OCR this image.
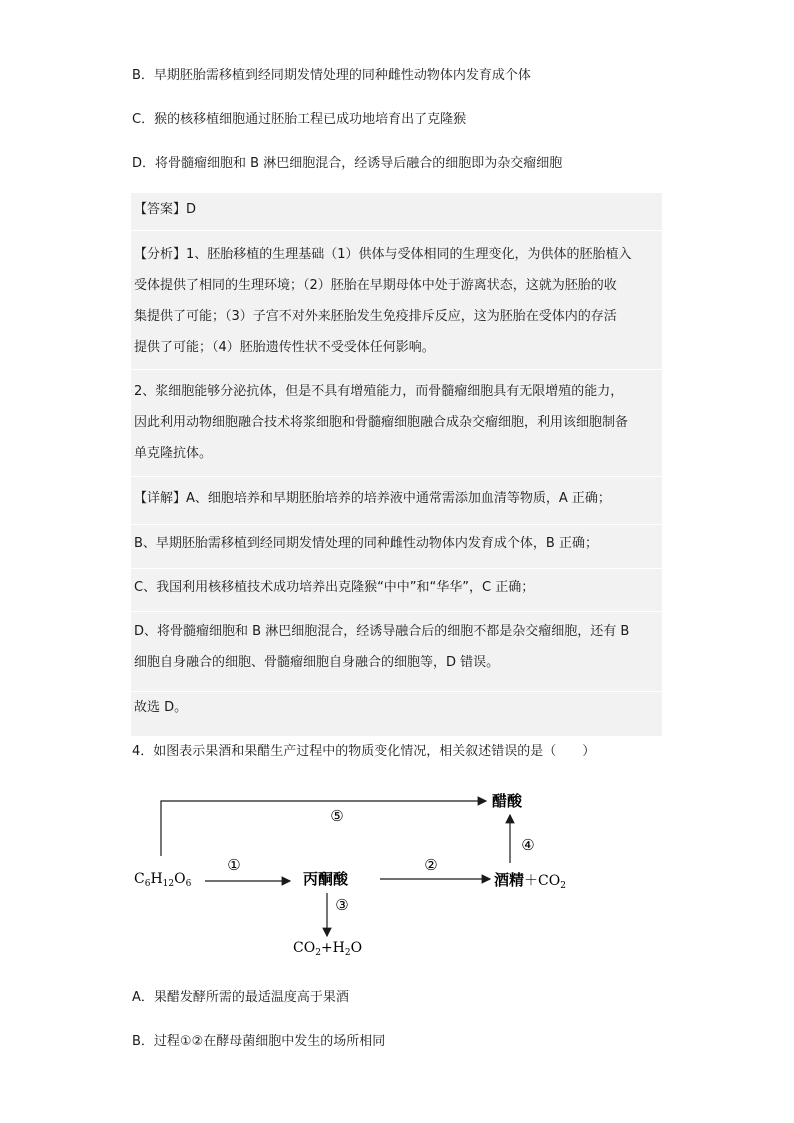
B．早期胚胎需移植到经同期发情处理的同种雌性动物体内发育成个体
C．猴的核移植细胞通过胚胎工程已成功地培育出了克隆猴
D．将骨髓瘤细胞和 B 淋巴细胞混合，经诱导后融合的细胞即为杂交瘤细胞
【答案】D
【分析】1、胚胎移植的生理基础（1）供体与受体相同的生理变化，为供体的胚胎植入
受体提供了相同的生理环境；（2）胚胎在早期母体中处于游离状态，这就为胚胎的收
集提供了可能；（3）子宫不对外来胚胎发生免疫排斥反应，这为胚胎在受体内的存活
提供了可能；（4）胚胎遗传性状不受受体任何影响。
2、浆细胞能够分泌抗体，但是不具有增殖能力，而骨髓瘤细胞具有无限增殖的能力，
因此利用动物细胞融合技术将浆细胞和骨髓瘤细胞融合成杂交瘤细胞，利用该细胞制备
单克隆抗体。
【详解】A、细胞培养和早期胚胎培养的培养液中通常需添加血清等物质，A 正确；
B、早期胚胎需移植到经同期发情处理的同种雌性动物体内发育成个体，B 正确；
C、我国利用核移植技术成功培养出克隆猴“中中”和“华华”，C 正确；
D、将骨髓瘤细胞和 B 淋巴细胞混合，经诱导融合后的细胞不都是杂交瘤细胞，还有 B
细胞自身融合的细胞、骨髓瘤细胞自身融合的细胞等，D 错误。
故选 D。
4．如图表示果酒和果醋生产过程中的物质变化情况，相关叙述错误的是（　　）
⑤
①	②
③
④
$C_6H_{12}O_6$	丙酮酸	酒精$+CO_2$
醋酸
$CO_2+H_2O$
A．果醋发酵所需的最适温度高于果酒
B．过程①②在酵母菌细胞中发生的场所相同
